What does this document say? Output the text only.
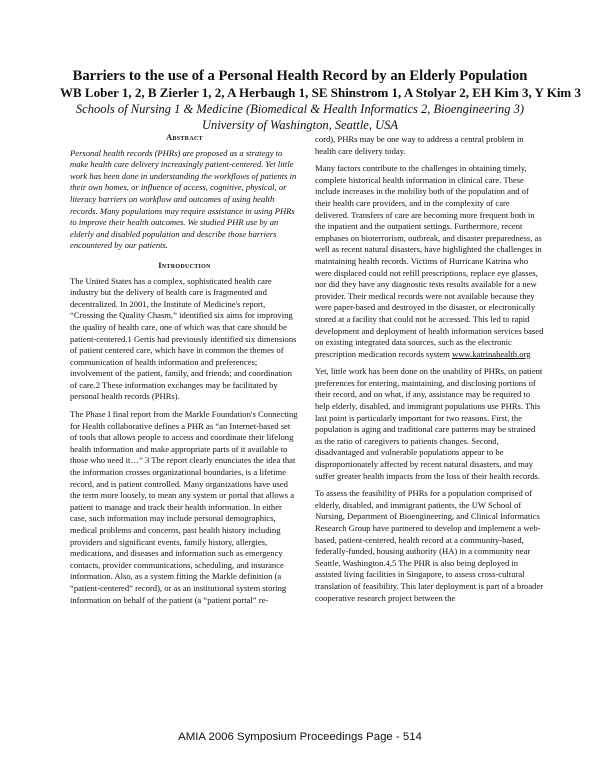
Barriers to the use of a Personal Health Record by an Elderly Population
WB Lober 1, 2, B Zierler 1, 2, A Herbaugh 1, SE Shinstrom 1, A Stolyar 2, EH Kim 3, Y Kim 3
Schools of Nursing 1 & Medicine (Biomedical & Health Informatics 2, Bioengineering 3)
University of Washington, Seattle, USA
Abstract

Personal health records (PHRs) are proposed as a strategy to make health care delivery increasingly patient-centered. Yet little work has been done in understanding the workflows of patients in their own homes, or influence of access, cognitive, physical, or literacy barriers on workflow and outcomes of using health records. Many populations may require assistance in using PHRs to improve their health outcomes. We studied PHR use by an elderly and disabled population and describe those barriers encountered by our patients.

Introduction

The United States has a complex, sophisticated health care industry but the delivery of health care is fragmented and decentralized. In 2001, the Institute of Medicine's report, “Crossing the Quality Chasm,” identified six aims for improving the quality of health care, one of which was that care should be patient-centered.1 Gertis had previously identified six dimensions of patient centered care, which have in common the themes of communication of health information and preferences; involvement of the patient, family, and friends; and coordination of care.2 These information exchanges may be facilitated by personal health records (PHRs).

The Phase I final report from the Markle Foundation's Connecting for Health collaborative defines a PHR as “an Internet-based set of tools that allows people to access and coordinate their lifelong health information and make appropriate parts of it available to those who need it…” 3 The report clearly enunciates the idea that the information crosses organizational boundaries, is a lifetime record, and is patient controlled. Many organizations have used the term more loosely, to mean any system or portal that allows a patient to manage and track their health information. In either case, such information may include personal demographics, medical problems and concerns, past health history including providers and significant events, family history, allergies, medications, and diseases and information such as emergency contacts, provider communications, scheduling, and insurance information. Also, as a system fitting the Markle definition (a “patient-centered” record), or as an institutional system storing information on behalf of the patient (a “patient portal” re-

cord), PHRs may be one way to address a central problem in health care delivery today.

Many factors contribute to the challenges in obtaining timely, complete historical health information in clinical care. These include increases in the mobility both of the population and of their health care providers, and in the complexity of care delivered. Transfers of care are becoming more frequent both in the inpatient and the outpatient settings. Furthermore, recent emphases on bioterrorism, outbreak, and disaster preparedness, as well as recent natural disasters, have highlighted the challenges in maintaining health records. Victims of Hurricane Katrina who were displaced could not refill prescriptions, replace eye glasses, nor did they have any diagnostic tests results available for a new provider. Their medical records were not available because they were paper-based and destroyed in the disaster, or electronically stored at a facility that could not be accessed. This led to rapid development and deployment of health information services based on existing integrated data sources, such as the electronic prescription medication records system www.katrinahealth.org

Yet, little work has been done on the usability of PHRs, on patient preferences for entering, maintaining, and disclosing portions of their record, and on what, if any, assistance may be required to help elderly, disabled, and immigrant populations use PHRs. This last point is particularly important for two reasons. First, the population is aging and traditional care patterns may be strained as the ratio of caregivers to patients changes. Second, disadvantaged and vulnerable populations appear to be disproportionately affected by recent natural disasters, and may suffer greater health impacts from the loss of their health records.

To assess the feasibility of PHRs for a population comprised of elderly, disabled, and immigrant patients, the UW School of Nursing, Department of Bioengineering, and Clinical Informatics Research Group have partnered to develop and implement a web-based, patient-centered, health record at a community-based, federally-funded, housing authority (HA) in a community near Seattle, Washington.4,5 The PHR is also being deployed in assisted living facilities in Singapore, to assess cross-cultural translation of feasibility. This later deployment is part of a broader cooperative research project between the

AMIA 2006 Symposium Proceedings Page - 514
